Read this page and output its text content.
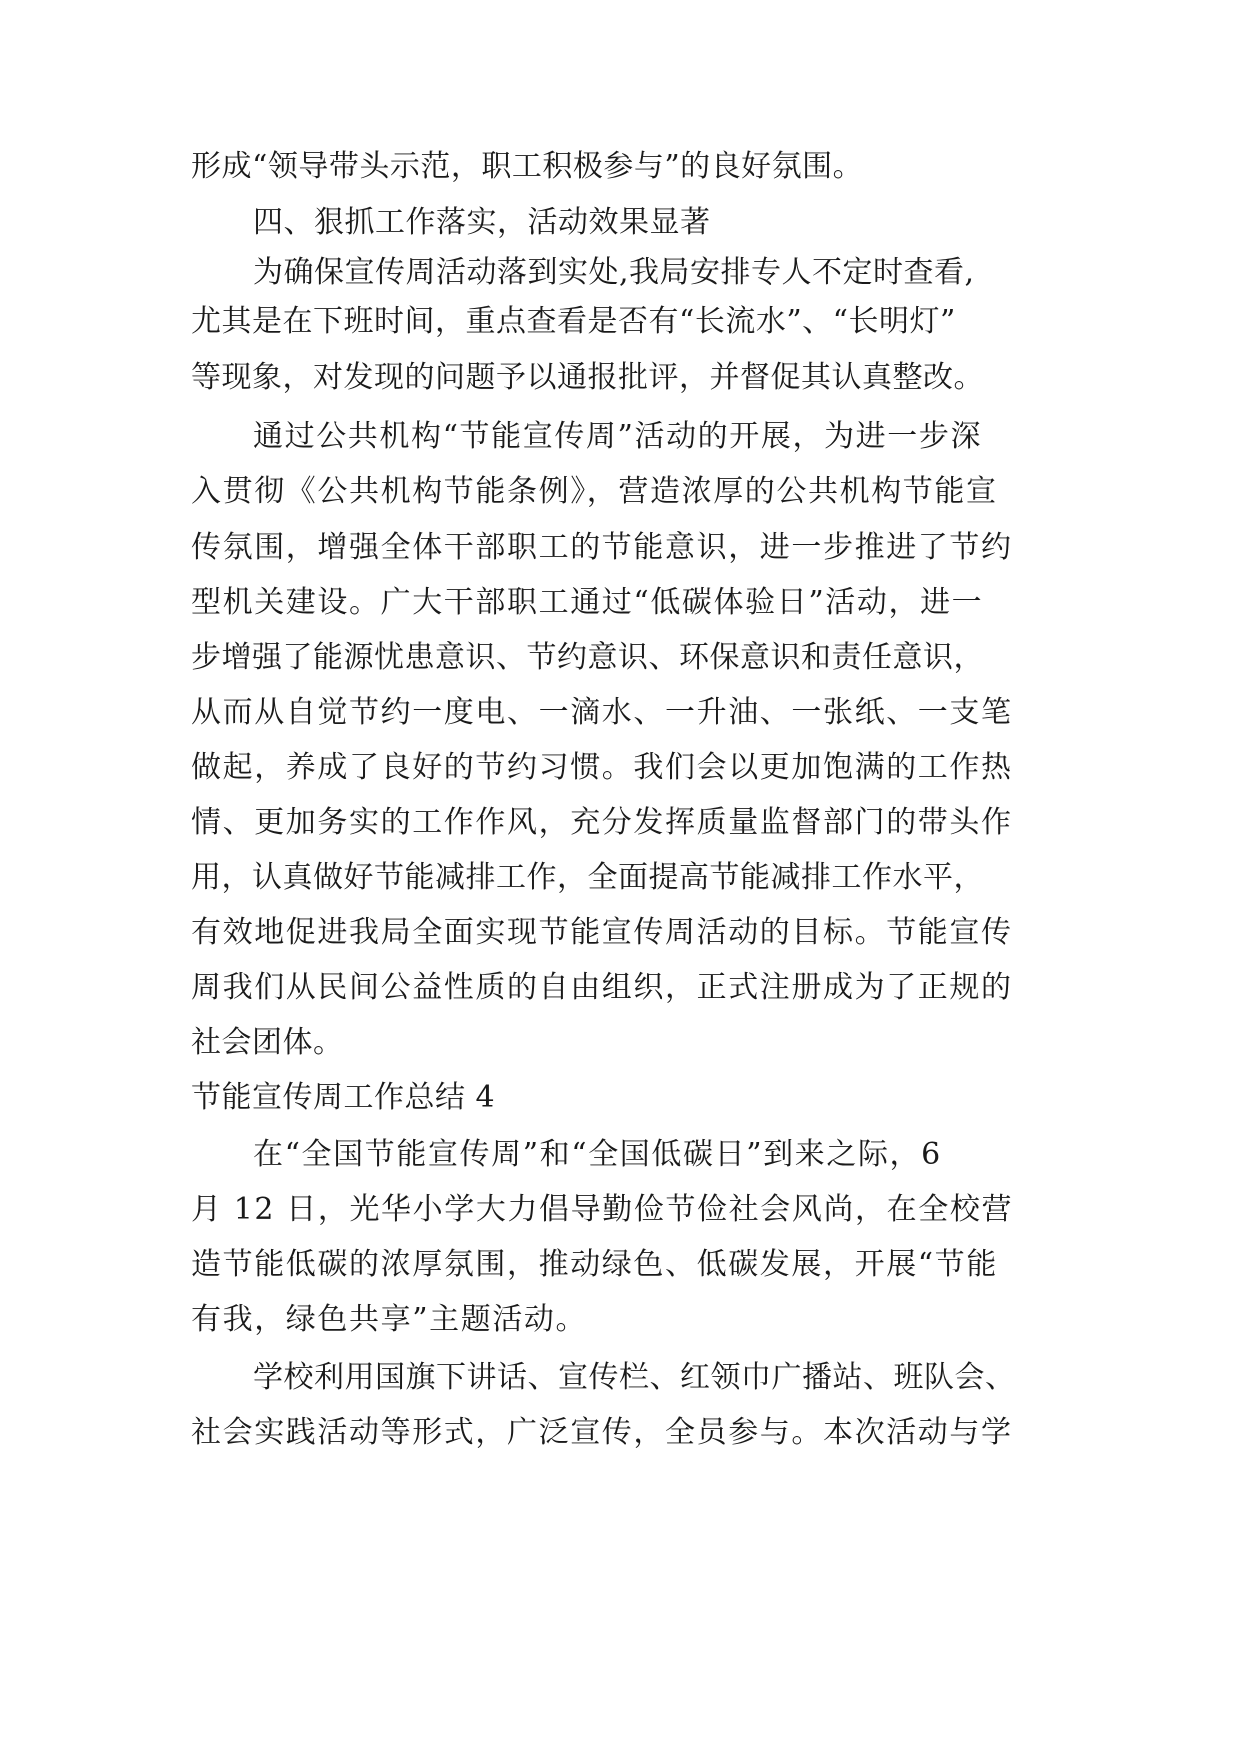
形成“领导带头示范，职工积极参与”的良好氛围。
四、狠抓工作落实，活动效果显著
为确保宣传周活动落到实处,我局安排专人不定时查看,
尤其是在下班时间，重点查看是否有“长流水”、“长明灯”
等现象，对发现的问题予以通报批评，并督促其认真整改。
通过公共机构“节能宣传周”活动的开展，为进一步深
入贯彻《公共机构节能条例》，营造浓厚的公共机构节能宣
传氛围，增强全体干部职工的节能意识，进一步推进了节约
型机关建设。广大干部职工通过“低碳体验日”活动，进一
步增强了能源忧患意识、节约意识、环保意识和责任意识，
从而从自觉节约一度电、一滴水、一升油、一张纸、一支笔
做起，养成了良好的节约习惯。我们会以更加饱满的工作热
情、更加务实的工作作风，充分发挥质量监督部门的带头作
用，认真做好节能减排工作，全面提高节能减排工作水平，
有效地促进我局全面实现节能宣传周活动的目标。节能宣传
周我们从民间公益性质的自由组织，正式注册成为了正规的
社会团体。
节能宣传周工作总结 4
在“全国节能宣传周”和“全国低碳日”到来之际，6
月 12 日，光华小学大力倡导勤俭节俭社会风尚，在全校营
造节能低碳的浓厚氛围，推动绿色、低碳发展，开展“节能
有我，绿色共享”主题活动。
学校利用国旗下讲话、宣传栏、红领巾广播站、班队会、
社会实践活动等形式，广泛宣传，全员参与。本次活动与学
